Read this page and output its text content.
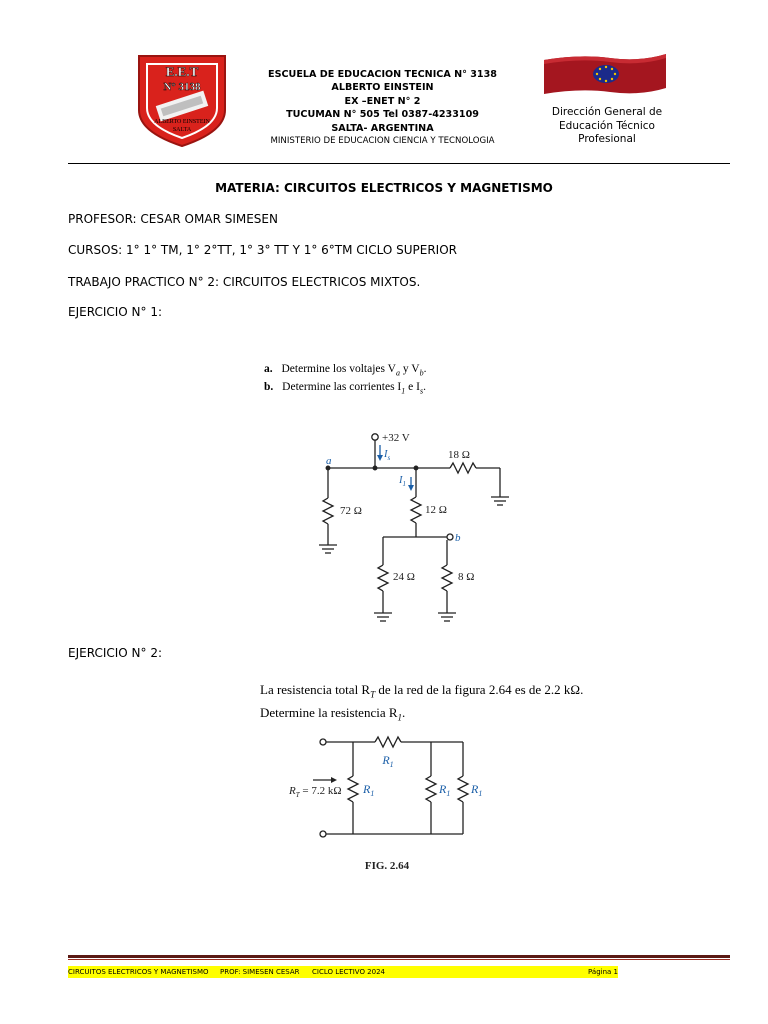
E.E.T
N° 3138
ALBERTO EINSTEIN
SALTA
ESCUELA DE EDUCACION TECNICA N° 3138
ALBERTO EINSTEIN
EX –ENET N° 2
TUCUMAN N° 505 Tel 0387-4233109
SALTA- ARGENTINA
MINISTERIO DE EDUCACION CIENCIA Y TECNOLOGIA
Dirección General de
Educación Técnico
Profesional
MATERIA: CIRCUITOS ELECTRICOS Y MAGNETISMO
PROFESOR: CESAR OMAR SIMESEN
CURSOS: 1° 1° TM, 1° 2°TT, 1° 3° TT Y 1° 6°TM CICLO SUPERIOR
TRABAJO PRACTICO N° 2: CIRCUITOS ELECTRICOS MIXTOS.
EJERCICIO N° 1:
a. Determine los voltajes $V_a$ y $V_b$.
b. Determine las corrientes $I_1$ e $I_s$.
+32 V
$I_s$
a	18 Ω
72 Ω
$I_1$
12 Ω
b
24 Ω	8 Ω
EJERCICIO N° 2:
La resistencia total $R_T$ de la red de la figura 2.64 es de 2.2 kΩ.
Determine la resistencia $R_1$.
$R_1$
$R_1$	$R_1$ $R_1$
$R_T = 7.2$ kΩ
FIG. 2.64
CIRCUITOS ELECTRICOS Y MAGNETISMO PROF: SIMESEN CESAR CICLO LECTIVO 2024	Página 1
